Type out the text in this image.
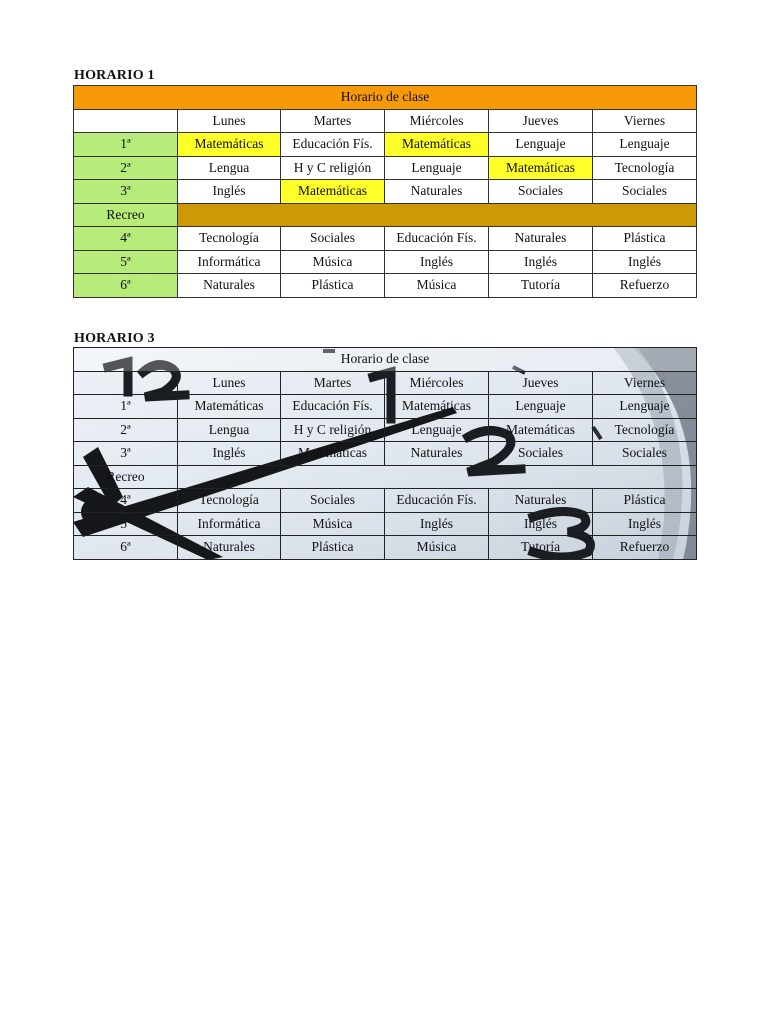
HORARIO 1
Horario de clase					
	Lunes	Martes	Miércoles	Jueves	Viernes
1ª	Matemáticas	Educación Fís.	Matemáticas	Lenguaje	Lenguaje
2ª	Lengua	H y C religión	Lenguaje	Matemáticas	Tecnología
3ª	Inglés	Matemáticas	Naturales	Sociales	Sociales
Recreo					
4ª	Tecnología	Sociales	Educación Fís.	Naturales	Plástica
5ª	Informática	Música	Inglés	Inglés	Inglés
6ª	Naturales	Plástica	Música	Tutoría	Refuerzo
HORARIO 3
Horario de clase					
	Lunes	Martes	Miércoles	Jueves	Viernes
1ª	Matemáticas	Educación Fís.	Matemáticas	Lenguaje	Lenguaje
2ª	Lengua	H y C religión	Lenguaje	Matemáticas	Tecnología
3ª	Inglés	Matemáticas	Naturales	Sociales	Sociales
Recreo					
4ª	Tecnología	Sociales	Educación Fís.	Naturales	Plástica
5ª	Informática	Música	Inglés	Inglés	Inglés
6ª	Naturales	Plástica	Música	Tutoría	Refuerzo
